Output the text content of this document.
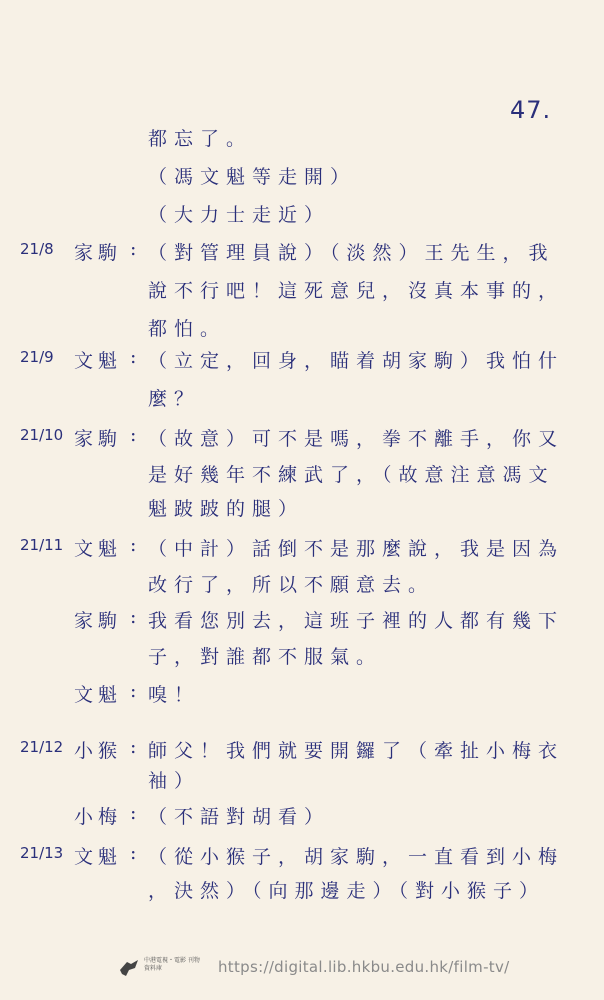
47.
都忘了。
（馮文魁等走開）
（大力士走近）
21/8 家駒 : （對管理員說）（淡然）王先生，我
說不行吧！這死意兒，沒真本事的，
都怕。
21/9 文魁 : （立定，回身，瞄着胡家駒）我怕什
麼？
21/10 家駒 : （故意）可不是嗎，拳不離手，你又
是好幾年不練武了，（故意注意馮文
魁跛跛的腿）
21/11 文魁 : （中計）話倒不是那麼說，我是因為
改行了，所以不願意去。
家駒 : 我看您別去，這班子裡的人都有幾下
子，對誰都不服氣。
文魁 : 嗅！
21/12 小猴 : 師父！我們就要開鑼了（牽扯小梅衣
袖）
小梅 : （不語對胡看）
21/13 文魁 : （從小猴子，胡家駒，一直看到小梅
，決然）（向那邊走）（對小猴子）
中港電視・電影 刊物資料庫	https://digital.lib.hkbu.edu.hk/film-tv/
